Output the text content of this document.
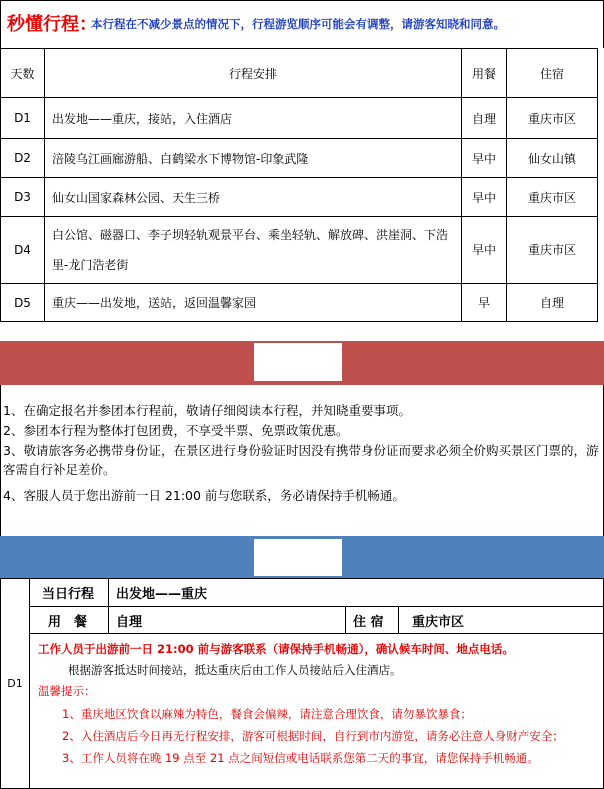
秒懂行程：
本行程在不减少景点的情况下，行程游览顺序可能会有调整，请游客知晓和同意。
天数	行程安排	用餐	住宿
D1	出发地——重庆，接站，入住酒店	自理	重庆市区
D2	涪陵乌江画廊游船、白鹤梁水下博物馆-印象武隆	早中	仙女山镇
D3	仙女山国家森林公园、天生三桥	早中	重庆市区
D4	白公馆、磁器口、李子坝轻轨观景平台、乘坐轻轨、解放碑、洪崖洞、下浩里-龙门浩老街	早中	重庆市区
D5	重庆——出发地，送站，返回温馨家园	早	自理

1、在确定报名并参团本行程前，敬请仔细阅读本行程，并知晓重要事项。

2、参团本行程为整体打包团费，不享受半票、免票政策优惠。

3、敬请旅客务必携带身份证，在景区进行身份验证时因没有携带身份证而要求必须全价购买景区门票的，游客需自行补足差价。

4、客服人员于您出游前一日 21:00 前与您联系，务必请保持手机畅通。

D1
当日行程 出发地——重庆
用　餐 自理	住 宿 重庆市区

工作人员于出游前一日 21:00 前与游客联系（请保持手机畅通），确认候车时间、地点电话。

根据游客抵达时间接站，抵达重庆后由工作人员接站后入住酒店。

温馨提示：

1、重庆地区饮食以麻辣为特色，餐食会偏辣，请注意合理饮食，请勿暴饮暴食；

2、入住酒店后今日再无行程安排，游客可根据时间，自行到市内游览，请务必注意人身财产安全；

3、工作人员将在晚 19 点至 21 点之间短信或电话联系您第二天的事宜，请您保持手机畅通。
